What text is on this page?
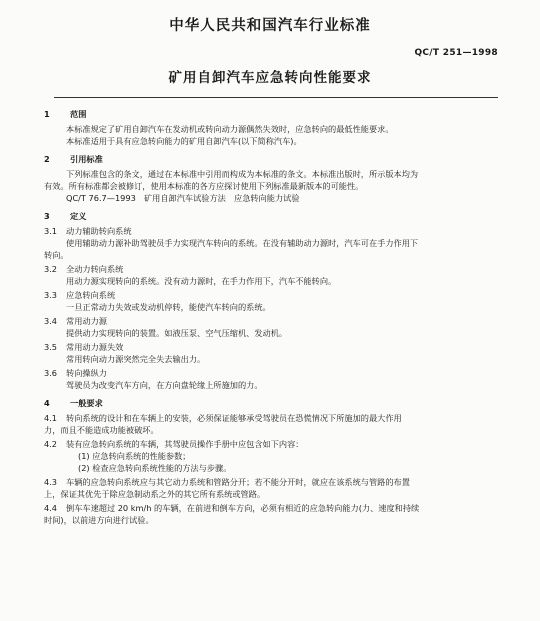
中华人民共和国汽车行业标准
QC/T 251—1998
矿用自卸汽车应急转向性能要求
1	范围

本标准规定了矿用自卸汽车在发动机或转向动力源偶然失效时，应急转向的最低性能要求。

本标准适用于具有应急转向能力的矿用自卸汽车(以下简称汽车)。

2	引用标准

下列标准包含的条文，通过在本标准中引用而构成为本标准的条文。本标准出版时，所示版本均为

有效。所有标准都会被修订，使用本标准的各方应探讨使用下列标准最新版本的可能性。

QC/T 76.7—1993　矿用自卸汽车试验方法　应急转向能力试验

3	定义
3.1 动力辅助转向系统

使用辅助动力源补助驾驶员手力实现汽车转向的系统。在没有辅助动力源时，汽车可在手力作用下

转向。

3.2 全动力转向系统

用动力源实现转向的系统。没有动力源时，在手力作用下，汽车不能转向。

3.3 应急转向系统

一旦正常动力失效或发动机停转，能使汽车转向的系统。

3.4 常用动力源

提供动力实现转向的装置。如液压泵、空气压缩机、发动机。

3.5 常用动力源失效

常用转向动力源突然完全失去输出力。

3.6 转向操纵力

驾驶员为改变汽车方向，在方向盘轮缘上所施加的力。

4	一般要求
4.1 转向系统的设计和在车辆上的安装，必须保证能够承受驾驶员在恐慌情况下所施加的最大作用

力，而且不能造成功能被破坏。

4.2 装有应急转向系统的车辆，其驾驶员操作手册中应包含如下内容：

(1) 应急转向系统的性能参数；

(2) 检查应急转向系统性能的方法与步骤。

4.3 车辆的应急转向系统应与其它动力系统和管路分开；若不能分开时，就应在该系统与管路的布置

上，保证其优先于除应急制动系之外的其它所有系统或管路。

4.4 倒车车速超过 20 km/h 的车辆，在前进和倒车方向，必须有相近的应急转向能力(力、速度和持续

时间)，以前进方向进行试验。
